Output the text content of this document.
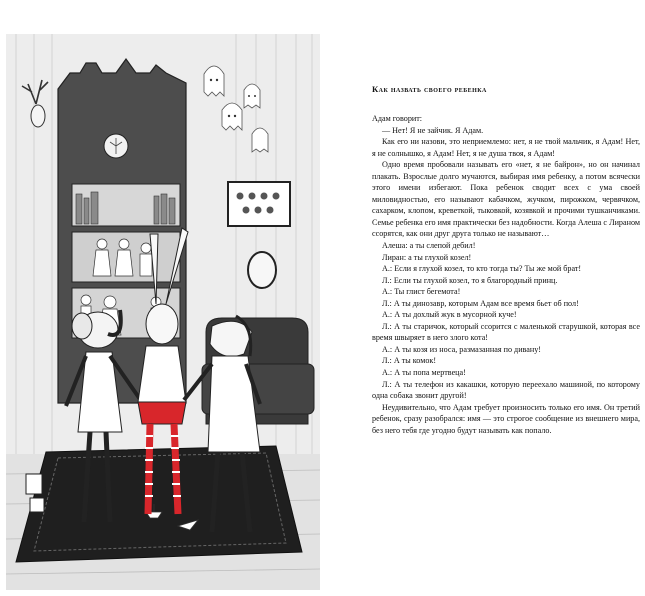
Как назвать своего ребенка

Адам говорит:

— Нет! Я не зайчик. Я Адам.

Как его ни назови, это неприемлемо: нет, я не твой мальчик, я Адам! Нет, я не солнышко, я Адам! Нет, я не душа твоя, я Адам!

Одно время пробовали называть его «нет, я не байрон», но он начинал плакать. Взрослые долго мучаются, выбирая имя ребенку, а потом всячески этого имени избегают. Пока ребенок сводит всех с ума своей миловидностью, его называют кабачком, жучком, пирожком, червячком, сахарком, клопом, креветкой, тыковкой, козявкой и прочими тушканчиками. Семье ребенка его имя практически без надобности. Когда Алеша с Лираном ссорятся, как они друг друга только не называют…

Алеша: а ты слепой дебил!

Лиран: а ты глухой козел!

А.: Если я глухой козел, то кто тогда ты? Ты же мой брат!

Л.: Если ты глухой козел, то я благородный принц.

А.: Ты глист бегемота!

Л.: А ты динозавр, которым Адам все время бьет об пол!

А.: А ты дохлый жук в мусорной куче!

Л.: А ты старичок, который ссорится с маленькой старушкой, которая все время швыряет в него злого кота!

А.: А ты козя из носа, размазанная по дивану!

Л.: А ты комок!

А.: А ты попа мертвеца!

Л.: А ты телефон из какашки, которую переехало машиной, по которому одна собака звонит другой!

Неудивительно, что Адам требует произносить только его имя. Он третий ребенок, сразу разобрался: имя — это строгое сообщение из внешнего мира, без него тебя где угодно будут называть как попало.
